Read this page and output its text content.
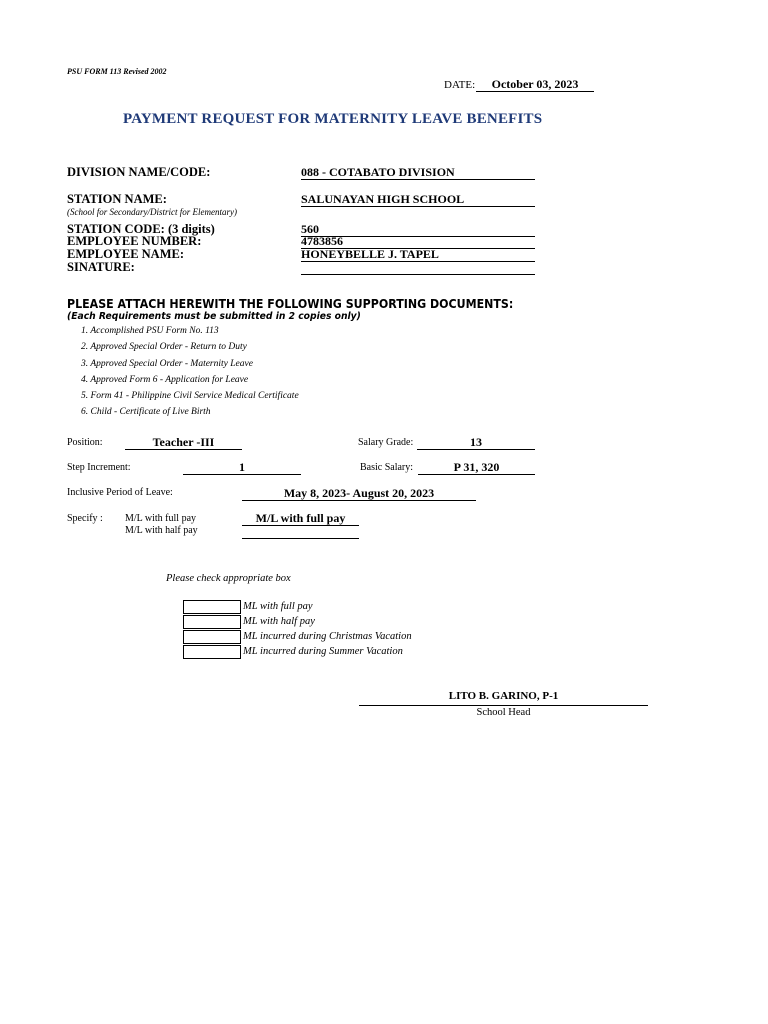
PSU FORM 113 Revised 2002
DATE:	October 03, 2023
PAYMENT REQUEST FOR MATERNITY LEAVE BENEFITS
DIVISION NAME/CODE:	088 - COTABATO DIVISION
STATION NAME:
(School for Secondary/District for Elementary)
SALUNAYAN HIGH SCHOOL
STATION CODE: (3 digits)	560
EMPLOYEE NUMBER:	4783856
EMPLOYEE NAME:	HONEYBELLE J. TAPEL
SINATURE:
PLEASE ATTACH HEREWITH THE FOLLOWING SUPPORTING DOCUMENTS:
(Each Requirements must be submitted in 2 copies only)
1. Accomplished PSU Form No. 113
2. Approved Special Order - Return to Duty
3. Approved Special Order - Maternity Leave
4. Approved Form 6 - Application for Leave
5. Form 41 - Philippine Civil Service Medical Certificate
6. Child - Certificate of Live Birth
Position:	Teacher -III	Salary Grade:	13
Step Increment:	1	Basic Salary:	P 31, 320
Inclusive Period of Leave:	May 8, 2023- August 20, 2023
Specify : M/L with full pay
M/L with half pay
M/L with full pay
Please check appropriate box
ML with full pay
ML with half pay
ML incurred during Christmas Vacation
ML incurred during Summer Vacation
LITO B. GARINO, P-1
School Head
